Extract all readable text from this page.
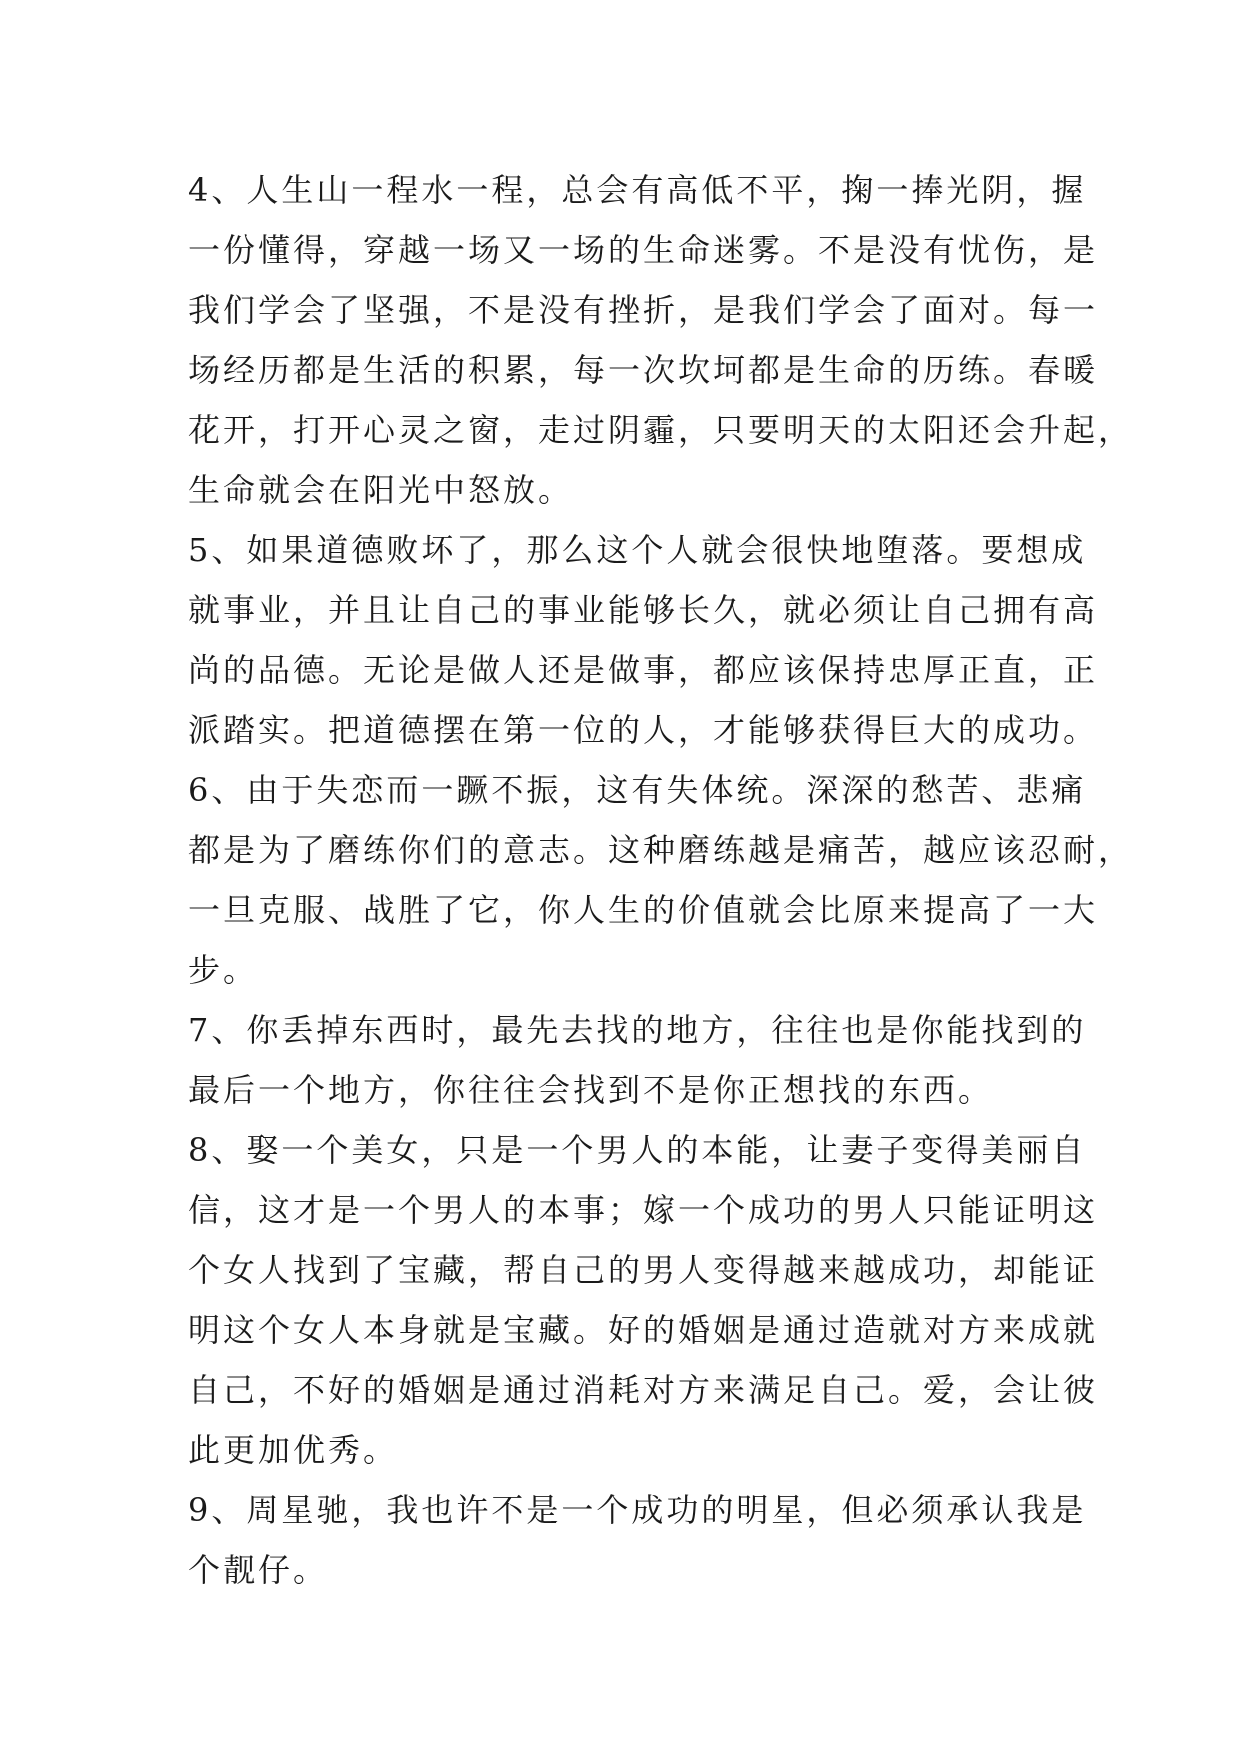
4、人生山一程水一程，总会有高低不平，掬一捧光阴，握
一份懂得，穿越一场又一场的生命迷雾。不是没有忧伤，是
我们学会了坚强，不是没有挫折，是我们学会了面对。每一
场经历都是生活的积累，每一次坎坷都是生命的历练。春暖
花开，打开心灵之窗，走过阴霾，只要明天的太阳还会升起，
生命就会在阳光中怒放。
5、如果道德败坏了，那么这个人就会很快地堕落。要想成
就事业，并且让自己的事业能够长久，就必须让自己拥有高
尚的品德。无论是做人还是做事，都应该保持忠厚正直，正
派踏实。把道德摆在第一位的人，才能够获得巨大的成功。
6、由于失恋而一蹶不振，这有失体统。深深的愁苦、悲痛
都是为了磨练你们的意志。这种磨练越是痛苦，越应该忍耐，
一旦克服、战胜了它，你人生的价值就会比原来提高了一大
步。
7、你丢掉东西时，最先去找的地方，往往也是你能找到的
最后一个地方，你往往会找到不是你正想找的东西。
8、娶一个美女，只是一个男人的本能，让妻子变得美丽自
信，这才是一个男人的本事；嫁一个成功的男人只能证明这
个女人找到了宝藏，帮自己的男人变得越来越成功，却能证
明这个女人本身就是宝藏。好的婚姻是通过造就对方来成就
自己，不好的婚姻是通过消耗对方来满足自己。爱，会让彼
此更加优秀。
9、周星驰，我也许不是一个成功的明星，但必须承认我是
个靓仔。
